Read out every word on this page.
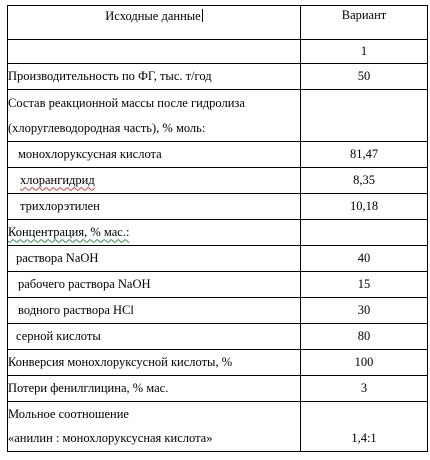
Исходные данные	Вариант
	1
Производительность по ФГ, тыс. т/год	50
Состав реакционной массы после гидролиза	
(хлоруглеводородная часть), % моль:	
монохлоруксусная кислота	81,47
хлорангидрид	8,35
трихлорэтилен	10,18
Концентрация, % мас.:	
раствора NaOH	40
рабочего раствора NaOH	15
водного раствора HCl	30
серной кислоты	80
Конверсия монохлоруксусной кислоты, %	100
Потери фенилглицина, % мас.	3
Мольное соотношение	
«анилин : монохлоруксусная кислота»	1,4:1
